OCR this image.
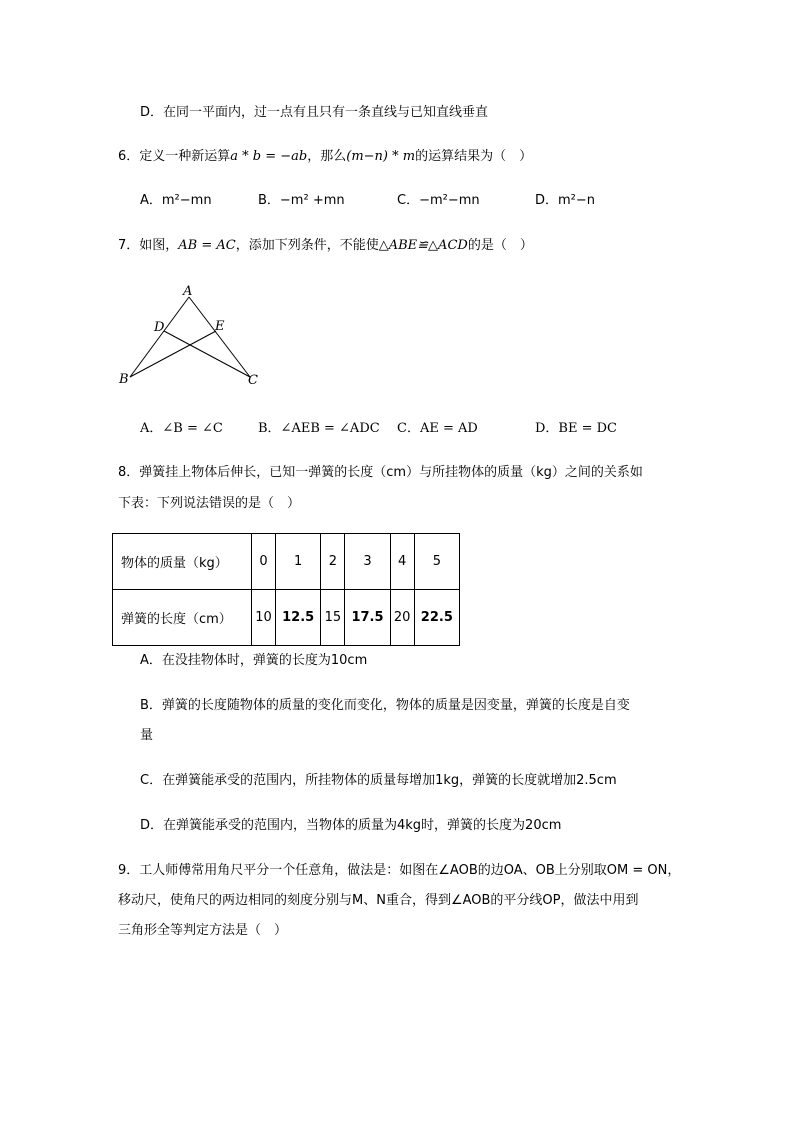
D．在同一平面内，过一点有且只有一条直线与已知直线垂直
6．定义一种新运算a * b = −ab，那么(m−n) * m的运算结果为（　）
A．m²−mn	B．−m² +mn	C．−m²−mn	D．m²−n
7．如图，AB = AC，添加下列条件，不能使△ABE≌△ACD的是（　）
A
D	E
B	C
A．∠B = ∠C	B．∠AEB = ∠ADC C．AE = AD	D．BE = DC
8．弹簧挂上物体后伸长，已知一弹簧的长度（cm）与所挂物体的质量（kg）之间的关系如
下表：下列说法错误的是（　）
物体的质量（kg）	0	1	2	3	4	5
弹簧的长度（cm）	10	12.5	15	17.5	20	22.5
A．在没挂物体时，弹簧的长度为10cm
B．弹簧的长度随物体的质量的变化而变化，物体的质量是因变量，弹簧的长度是自变
量
C．在弹簧能承受的范围内，所挂物体的质量每增加1kg，弹簧的长度就增加2.5cm
D．在弹簧能承受的范围内，当物体的质量为4kg时，弹簧的长度为20cm
9．工人师傅常用角尺平分一个任意角，做法是：如图在∠AOB的边OA、OB上分别取OM = ON，
移动尺，使角尺的两边相同的刻度分别与M、N重合，得到∠AOB的平分线OP，做法中用到
三角形全等判定方法是（　）
